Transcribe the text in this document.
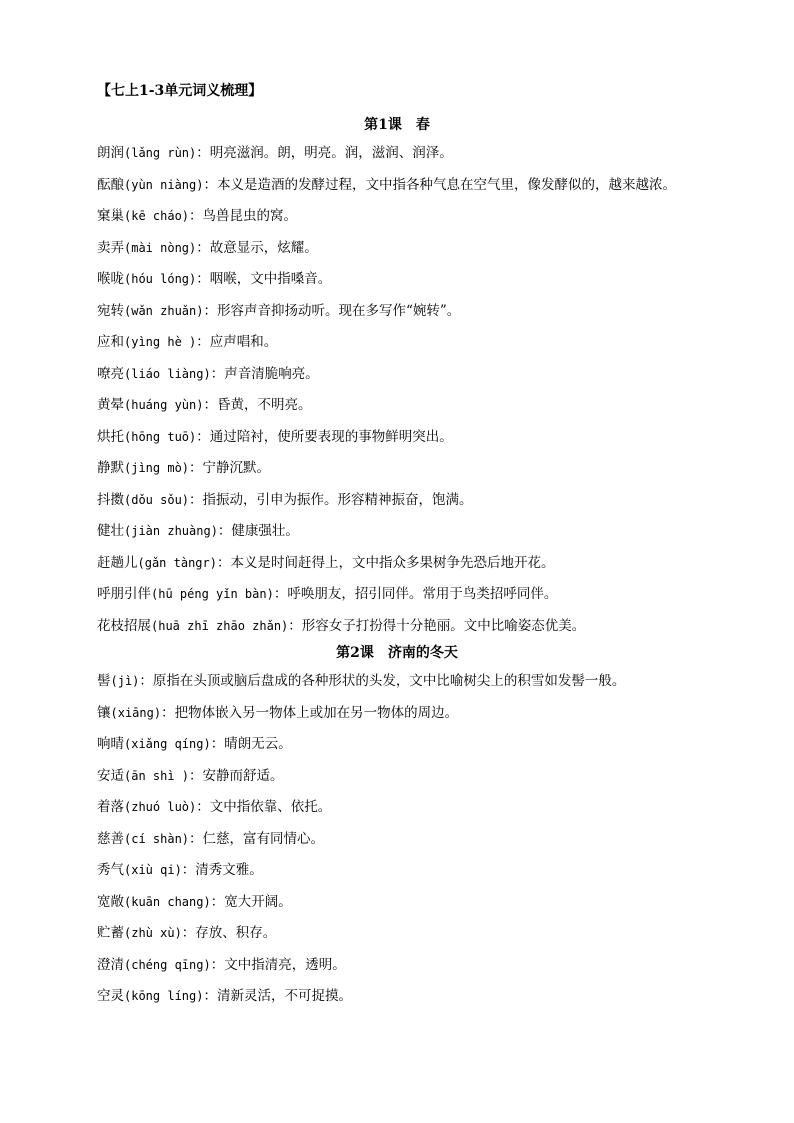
【七上1-3单元词义梳理】
第1课　春
朗润(lǎng rùn)：明亮滋润。朗，明亮。润，滋润、润泽。
酝酿(yùn niàng)：本义是造酒的发酵过程，文中指各种气息在空气里，像发酵似的，越来越浓。
窠巢(kē cháo)：鸟兽昆虫的窝。
卖弄(mài nòng)：故意显示，炫耀。
喉咙(hóu lóng)：咽喉，文中指嗓音。
宛转(wǎn zhuǎn)：形容声音抑扬动听。现在多写作“婉转”。
应和(yìng hè )：应声唱和。
嘹亮(liáo liàng)：声音清脆响亮。
黄晕(huáng yùn)：昏黄，不明亮。
烘托(hōng tuō)：通过陪衬，使所要表现的事物鲜明突出。
静默(jìng mò)：宁静沉默。
抖擞(dǒu sǒu)：指振动，引申为振作。形容精神振奋，饱满。
健壮(jiàn zhuàng)：健康强壮。
赶趟儿(gǎn tàngr)：本义是时间赶得上，文中指众多果树争先恐后地开花。
呼朋引伴(hū péng yǐn bàn)：呼唤朋友，招引同伴。常用于鸟类招呼同伴。
花枝招展(huā zhī zhāo zhǎn)：形容女子打扮得十分艳丽。文中比喻姿态优美。
第2课　济南的冬天
髻(jì)：原指在头顶或脑后盘成的各种形状的头发，文中比喻树尖上的积雪如发髻一般。
镶(xiāng)：把物体嵌入另一物体上或加在另一物体的周边。
响晴(xiǎng qíng)：晴朗无云。
安适(ān shì )：安静而舒适。
着落(zhuó luò)：文中指依靠、依托。
慈善(cí shàn)：仁慈，富有同情心。
秀气(xiù qi)：清秀文雅。
宽敞(kuān chang)：宽大开阔。
贮蓄(zhù xù)：存放、积存。
澄清(chéng qīng)：文中指清亮，透明。
空灵(kōng líng)：清新灵活，不可捉摸。
